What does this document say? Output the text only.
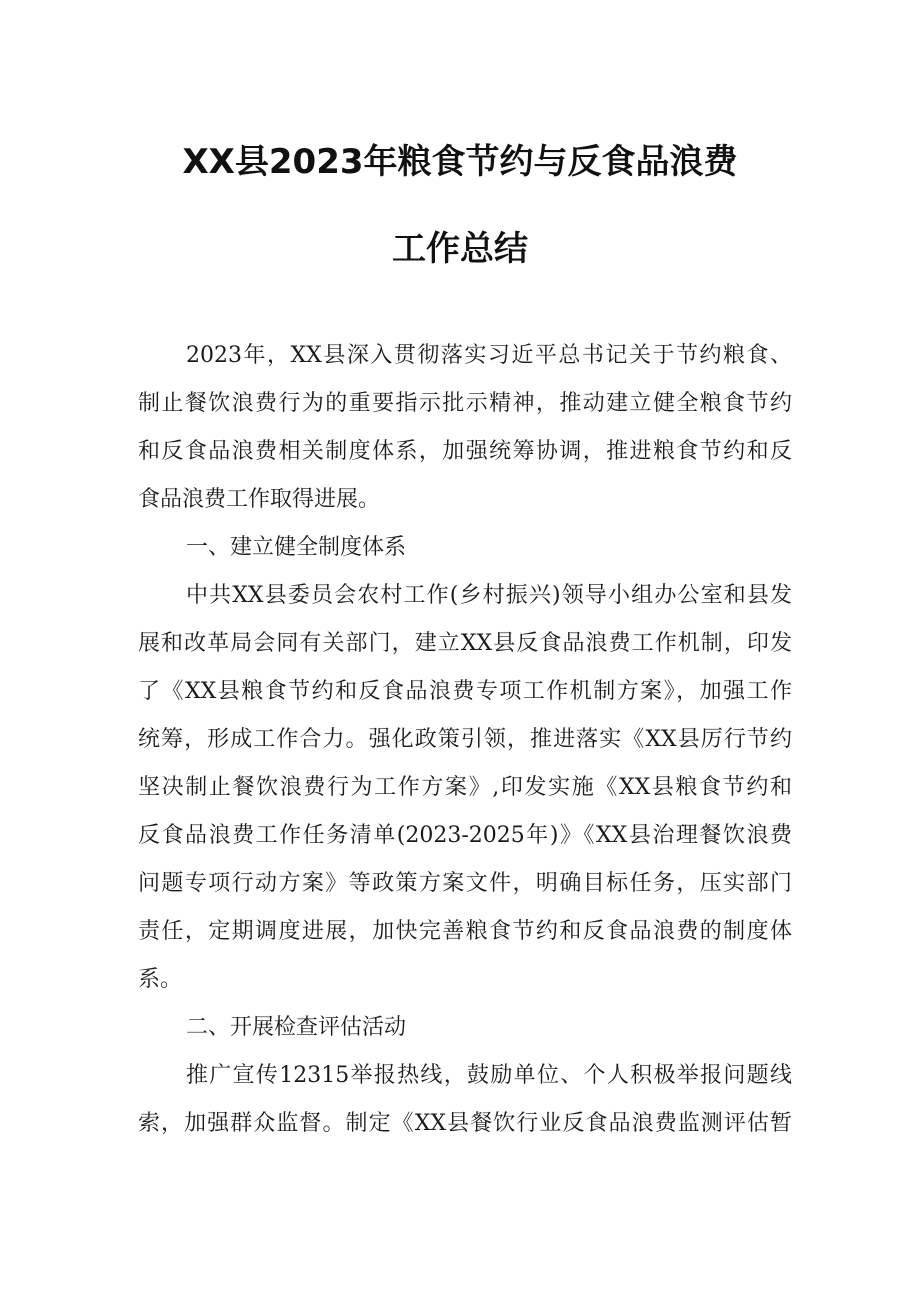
XX县2023年粮食节约与反食品浪费
工作总结
2023年，XX县深入贯彻落实习近平总书记关于节约粮食、
制止餐饮浪费行为的重要指示批示精神，推动建立健全粮食节约
和反食品浪费相关制度体系，加强统筹协调，推进粮食节约和反
食品浪费工作取得进展。
一、建立健全制度体系
中共XX县委员会农村工作(乡村振兴)领导小组办公室和县发
展和改革局会同有关部门，建立XX县反食品浪费工作机制，印发
了《XX县粮食节约和反食品浪费专项工作机制方案》，加强工作
统筹，形成工作合力。强化政策引领，推进落实《XX县厉行节约
坚决制止餐饮浪费行为工作方案》,印发实施《XX县粮食节约和
反食品浪费工作任务清单(2023-2025年)》《XX县治理餐饮浪费
问题专项行动方案》等政策方案文件，明确目标任务，压实部门
责任，定期调度进展，加快完善粮食节约和反食品浪费的制度体
系。
二、开展检查评估活动
推广宣传12315举报热线，鼓励单位、个人积极举报问题线
索，加强群众监督。制定《XX县餐饮行业反食品浪费监测评估暂
